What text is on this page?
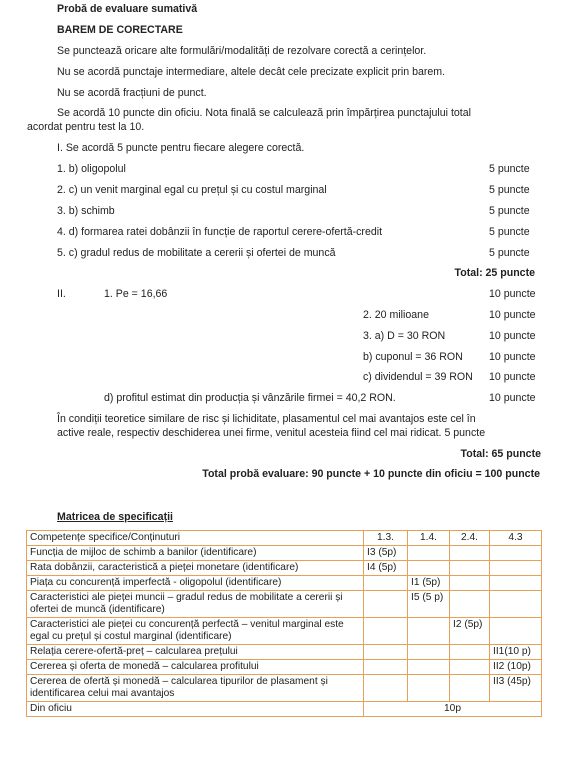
Probă de evaluare sumativă
BAREM DE CORECTARE
Se punctează oricare alte formulări/modalități de rezolvare corectă a cerințelor.
Nu se acordă punctaje intermediare, altele decât cele precizate explicit prin barem.
Nu se acordă fracțiuni de punct.
Se acordă 10 puncte din oficiu. Nota finală se calculează prin împărțirea punctajului total
acordat pentru test la 10.
I. Se acordă 5 puncte pentru fiecare alegere corectă.
1. b) oligopolul	5 puncte
2. c) un venit marginal egal cu prețul și cu costul marginal	5 puncte
3. b) schimb	5 puncte
4. d) formarea ratei dobânzii în funcție de raportul cerere-ofertă-credit	5 puncte
5. c) gradul redus de mobilitate a cererii și ofertei de muncă	5 puncte
Total: 25 puncte
II.	1. Pe = 16,66	10 puncte
2. 20 milioane	10 puncte
3. a) D = 30 RON	10 puncte
b) cuponul = 36 RON 10 puncte
c) dividendul = 39 RON 10 puncte
d) profitul estimat din producția și vânzările firmei = 40,2 RON.	10 puncte
În condiții teoretice similare de risc și lichiditate, plasamentul cel mai avantajos este cel în
active reale, respectiv deschiderea unei firme, venitul acesteia fiind cel mai ridicat. 5 puncte
Total: 65 puncte
Total probă evaluare: 90 puncte + 10 puncte din oficiu = 100 puncte
Matricea de specificații
Competențe specifice/Conținuturi	1.3.	1.4.	2.4.	4.3
Funcția de mijloc de schimb a banilor (identificare)	I3 (5p)			
Rata dobânzii, caracteristică a pieței monetare (identificare)	I4 (5p)			
Piața cu concurență imperfectă - oligopolul (identificare)		I1 (5p)		
Caracteristici ale pieței muncii – gradul redus de mobilitate a cererii și ofertei de muncă (identificare)		I5 (5 p)		
Caracteristici ale pieței cu concurență perfectă – venitul marginal este egal cu prețul și costul marginal (identificare)			I2 (5p)	
Relația cerere-ofertă-preț – calcularea prețului				II1(10 p)
Cererea și oferta de monedă – calcularea profitului				II2 (10p)
Cererea de ofertă și monedă – calcularea tipurilor de plasament și identificarea celui mai avantajos				II3 (45p)
Din oficiu	10p			
